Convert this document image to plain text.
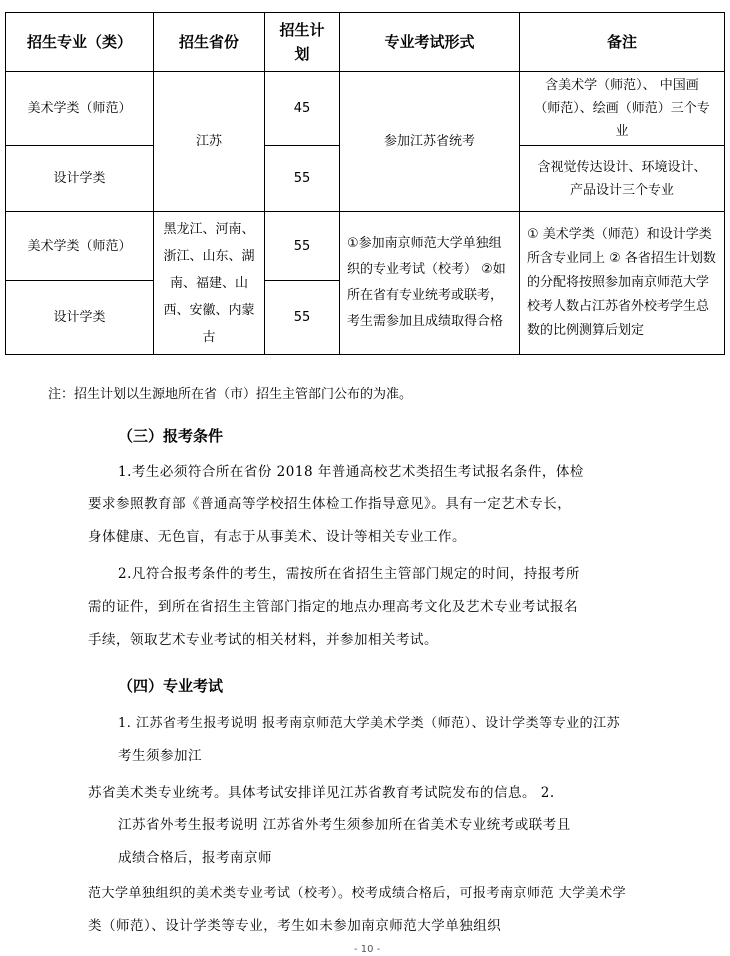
招生专业（类）	招生省份	招生计划	专业考试形式	备注
美术学类（师范）	江苏	45	参加江苏省统考	含美术学（师范）、 中国画（师范）、绘画（师范）三个专业
设计学类		55		含视觉传达设计、环境设计、产品设计三个专业
美术学类（师范）	黑龙江、河南、浙江、山东、湖南、福建、山西、安徽、内蒙古	55	①参加南京师范大学单独组织的专业考试（校考） ②如所在省有专业统考或联考，考生需参加且成绩取得合格	① 美术学类（师范）和设计学类所含专业同上 ② 各省招生计划数的分配将按照参加南京师范大学校考人数占江苏省外校考学生总数的比例测算后划定
设计学类		55		
注：招生计划以生源地所在省（市）招生主管部门公布的为准。
（三）报考条件
1.考生必须符合所在省份 2018 年普通高校艺术类招生考试报名条件，体检
要求参照教育部《普通高等学校招生体检工作指导意见》。具有一定艺术专长，
身体健康、无色盲，有志于从事美术、设计等相关专业工作。
2.凡符合报考条件的考生，需按所在省招生主管部门规定的时间，持报考所
需的证件，到所在省招生主管部门指定的地点办理高考文化及艺术专业考试报名
手续，领取艺术专业考试的相关材料，并参加相关考试。
（四）专业考试
1. 江苏省考生报考说明 报考南京师范大学美术学类（师范）、设计学类等专业的江苏
考生须参加江
苏省美术类专业统考。具体考试安排详见江苏省教育考试院发布的信息。 2.
江苏省外考生报考说明 江苏省外考生须参加所在省美术专业统考或联考且
成绩合格后，报考南京师
范大学单独组织的美术类专业考试（校考）。校考成绩合格后，可报考南京师范 大学美术学
类（师范）、设计学类等专业，考生如未参加南京师范大学单独组织
- 10 -
